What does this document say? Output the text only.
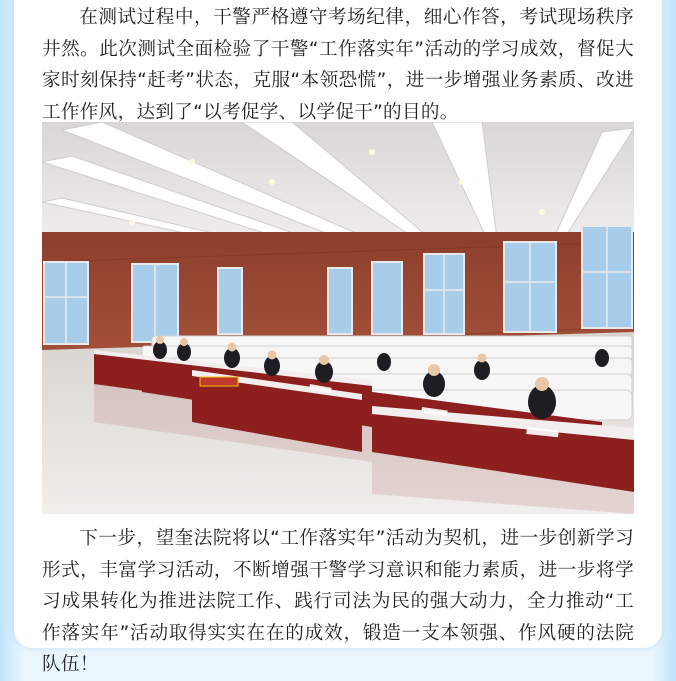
在测试过程中，干警严格遵守考场纪律，细心作答，考试现场秩序井然。此次测试全面检验了干警“工作落实年”活动的学习成效，督促大家时刻保持“赶考”状态，克服“本领恐慌”，进一步增强业务素质、改进工作作风，达到了“以考促学、以学促干”的目的。

下一步，望奎法院将以“工作落实年”活动为契机，进一步创新学习形式，丰富学习活动，不断增强干警学习意识和能力素质，进一步将学习成果转化为推进法院工作、践行司法为民的强大动力，全力推动“工作落实年”活动取得实实在在的成效，锻造一支本领强、作风硬的法院队伍！
